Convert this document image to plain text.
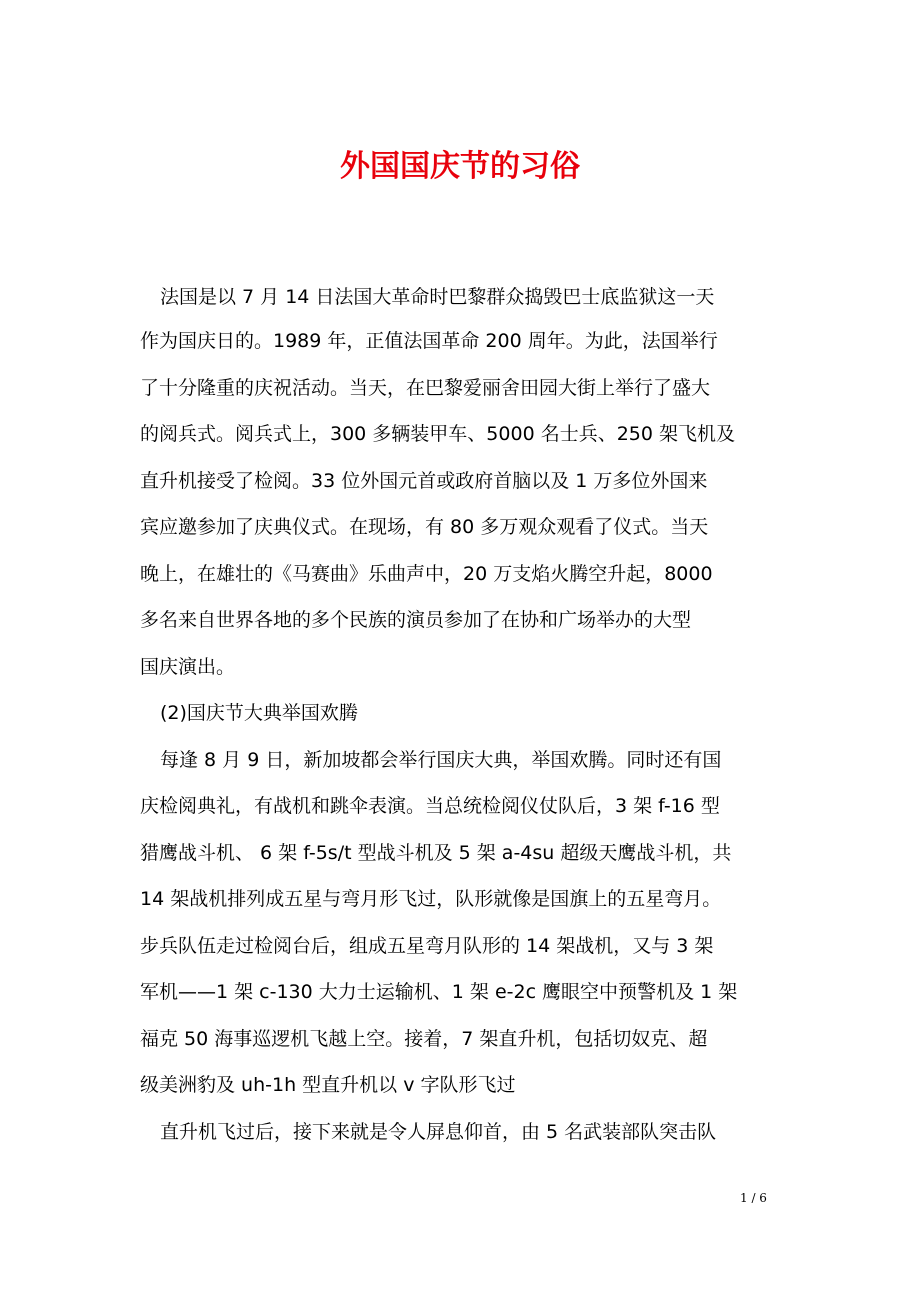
外国国庆节的习俗
法国是以 7 月 14 日法国大革命时巴黎群众捣毁巴士底监狱这一天
作为国庆日的。1989 年，正值法国革命 200 周年。为此，法国举行
了十分隆重的庆祝活动。当天，在巴黎爱丽舍田园大街上举行了盛大
的阅兵式。阅兵式上，300 多辆装甲车、5000 名士兵、250 架飞机及
直升机接受了检阅。33 位外国元首或政府首脑以及 1 万多位外国来
宾应邀参加了庆典仪式。在现场，有 80 多万观众观看了仪式。当天
晚上，在雄壮的《马赛曲》乐曲声中，20 万支焰火腾空升起，8000
多名来自世界各地的多个民族的演员参加了在协和广场举办的大型
国庆演出。
(2)国庆节大典举国欢腾
每逢 8 月 9 日，新加坡都会举行国庆大典，举国欢腾。同时还有国
庆检阅典礼，有战机和跳伞表演。当总统检阅仪仗队后，3 架 f-16 型
猎鹰战斗机、 6 架 f-5s/t 型战斗机及 5 架 a-4su 超级天鹰战斗机，共
14 架战机排列成五星与弯月形飞过，队形就像是国旗上的五星弯月。
步兵队伍走过检阅台后，组成五星弯月队形的 14 架战机，又与 3 架
军机——1 架 c-130 大力士运输机、1 架 e-2c 鹰眼空中预警机及 1 架
福克 50 海事巡逻机飞越上空。接着，7 架直升机，包括切奴克、超
级美洲豹及 uh-1h 型直升机以 v 字队形飞过
直升机飞过后，接下来就是令人屏息仰首，由 5 名武装部队突击队
1 / 6
